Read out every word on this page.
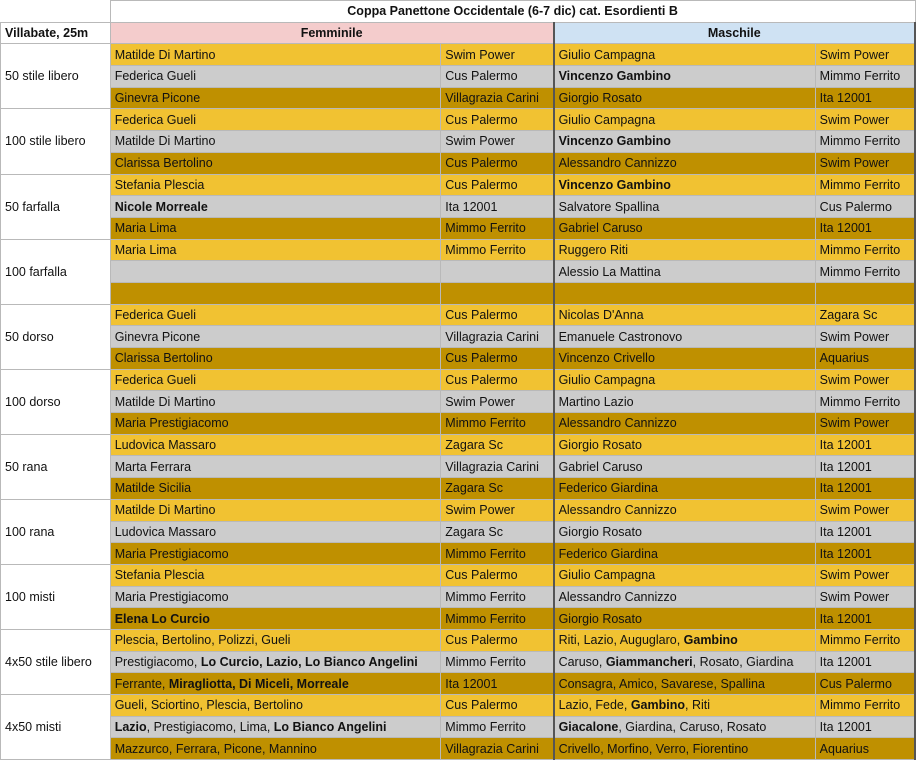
	Coppa Panettone Occidentale (6-7 dic) cat. Esordienti B			
Villabate, 25m	Femminile		Maschile	
50 stile libero	Matilde Di Martino	Swim Power	Giulio Campagna	Swim Power
	Federica Gueli	Cus Palermo	Vincenzo Gambino	Mimmo Ferrito
	Ginevra Picone	Villagrazia Carini	Giorgio Rosato	Ita 12001
100 stile libero	Federica Gueli	Cus Palermo	Giulio Campagna	Swim Power
	Matilde Di Martino	Swim Power	Vincenzo Gambino	Mimmo Ferrito
	Clarissa Bertolino	Cus Palermo	Alessandro Cannizzo	Swim Power
50 farfalla	Stefania Plescia	Cus Palermo	Vincenzo Gambino	Mimmo Ferrito
	Nicole Morreale	Ita 12001	Salvatore Spallina	Cus Palermo
	Maria Lima	Mimmo Ferrito	Gabriel Caruso	Ita 12001
100 farfalla	Maria Lima	Mimmo Ferrito	Ruggero Riti	Mimmo Ferrito
			Alessio La Mattina	Mimmo Ferrito

50 dorso	Federica Gueli	Cus Palermo	Nicolas D'Anna	Zagara Sc
	Ginevra Picone	Villagrazia Carini	Emanuele Castronovo	Swim Power
	Clarissa Bertolino	Cus Palermo	Vincenzo Crivello	Aquarius
100 dorso	Federica Gueli	Cus Palermo	Giulio Campagna	Swim Power
	Matilde Di Martino	Swim Power	Martino Lazio	Mimmo Ferrito
	Maria Prestigiacomo	Mimmo Ferrito	Alessandro Cannizzo	Swim Power
50 rana	Ludovica Massaro	Zagara Sc	Giorgio Rosato	Ita 12001
	Marta Ferrara	Villagrazia Carini	Gabriel Caruso	Ita 12001
	Matilde Sicilia	Zagara Sc	Federico Giardina	Ita 12001
100 rana	Matilde Di Martino	Swim Power	Alessandro Cannizzo	Swim Power
	Ludovica Massaro	Zagara Sc	Giorgio Rosato	Ita 12001
	Maria Prestigiacomo	Mimmo Ferrito	Federico Giardina	Ita 12001
100 misti	Stefania Plescia	Cus Palermo	Giulio Campagna	Swim Power
	Maria Prestigiacomo	Mimmo Ferrito	Alessandro Cannizzo	Swim Power
	Elena Lo Curcio	Mimmo Ferrito	Giorgio Rosato	Ita 12001
4x50 stile libero	Plescia, Bertolino, Polizzi, Gueli	Cus Palermo	Riti, Lazio, Auguglaro, Gambino	Mimmo Ferrito
	Prestigiacomo, Lo Curcio, Lazio, Lo Bianco Angelini	Mimmo Ferrito	Caruso, Giammancheri, Rosato, Giardina	Ita 12001
	Ferrante, Miragliotta, Di Miceli, Morreale	Ita 12001	Consagra, Amico, Savarese, Spallina	Cus Palermo
4x50 misti	Gueli, Sciortino, Plescia, Bertolino	Cus Palermo	Lazio, Fede, Gambino, Riti	Mimmo Ferrito
	Lazio, Prestigiacomo, Lima, Lo Bianco Angelini	Mimmo Ferrito	Giacalone, Giardina, Caruso, Rosato	Ita 12001
	Mazzurco, Ferrara, Picone, Mannino	Villagrazia Carini	Crivello, Morfino, Verro, Fiorentino	Aquarius
